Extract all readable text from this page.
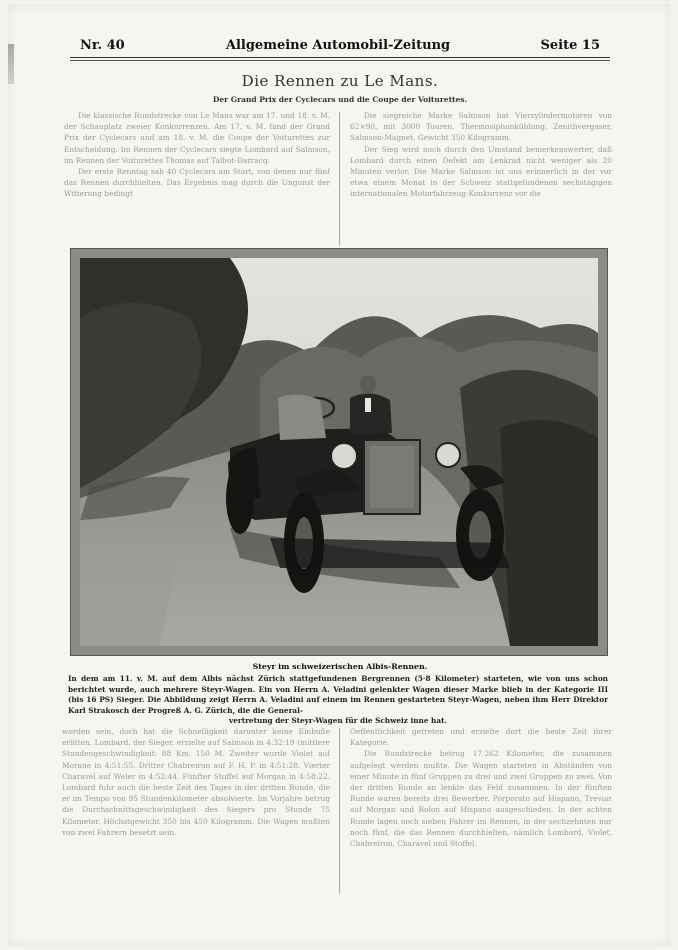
Nr. 40	Allgemeine Automobil-Zeitung	Seite 15
Die Rennen zu Le Mans.
Der Grand Prix der Cyclecars und die Coupe der Voiturettes.

Die klassische Rundstrecke von Le Mans war am 17. und 18. v. M. der Schauplatz zweier Konkurrenzen. Am 17. v. M. fand der Grand Prix der Cyclecars und am 18. v. M. die Coupe der Voiturettes zur Entscheidung. Im Rennen der Cyclecars siegte Lombard auf Salmson, im Rennen der Voiturettes Thomas auf Talbot-Darracq.

Der erste Renntag sah 40 Cyclecars am Start, von denen nur fünf das Rennen durchhielten. Das Ergebnis mag durch die Ungunst der Witterung bedingt

Die siegreiche Marke Salmson hat Vierzylindermotoren von 62×90, mit 3000 Touren, Thermosiphonkühlung, Zenithvergaser, Salmson-Magnet, Gewicht 350 Kilogramm.

Der Sieg wird noch durch den Umstand bemerkenswerter, daß Lombard durch einen Defekt am Lenkrad nicht weniger als 20 Minuten verlor. Die Marke Salmson ist uns erinnerlich in der vor etwa einem Monat in der Schweiz stattgefundenen sechstägigen internationalen Motorfahrzeug-Konkurrenz vor die

Steyr im schweizerischen Albis-Rennen.
In dem am 11. v. M. auf dem Albis nächst Zürich stattgefundenen Bergrennen (5·8 Kilometer) starteten, wie von uns schon berichtet wurde, auch mehrere Steyr-Wagen. Ein von Herrn A. Veladini gelenkter Wagen dieser Marke blieb in der Kategorie III (bis 16 PS) Sieger. Die Abbildung zeigt Herrn A. Veladini auf einem im Rennen gestarteten Steyr-Wagen, neben ihm Herr Direktor Karl Strakosch der Progreß A. G. Zürich, die die General-
vertretung der Steyr-Wagen für die Schweiz inne hat.

worden sein, doch hat die Schnelligkeit darunter keine Einbuße erlitten. Lombard, der Sieger, erzielte auf Salmson in 4:32:19 (mittlere Stundengeschwindigkeit: 88 Km. 150 M. Zweiter wurde Violet auf Morane in 4:51:55. Dritter Chabreiron auf F. H. P. in 4:51:28. Vierter Charavel auf Weler in 4:52:44. Fünfter Stoffel auf Morgan in 4:58:22. Lombard fuhr auch die beste Zeit des Tages in der dritten Runde, die er im Tempo von 95 Stundenkilometer absolvierte. Im Vorjahre betrug die Durchschnittsgeschwindigkeit des Siegers pro Stunde 75 Kilometer. Höchstgewicht 350 bis 450 Kilogramm. Die Wagen mußten von zwei Fahrern besetzt sein.

Oeffentlichkeit getreten und erzielte dort die beste Zeit ihrer Kategorie.

Die Rundstrecke betrug 17.262 Kilometer, die zusammen aufgelegt werden mußte. Die Wagen starteten in Abständen von einer Minute in fünf Gruppen zu drei und zwei Gruppen zu zwei. Von der dritten Runde an lenkte das Feld zusammen. In der fünften Runde waren bereits drei Bewerber, Porporato auf Hispano, Treviar auf Morgan und Rolon auf Hispano ausgeschieden. In der achten Runde lagen noch sieben Fahrer im Rennen, in der sechzehnten nur noch fünf, die das Rennen durchhielten, nämlich Lombard, Violet, Chabreiron, Charavel und Stoffel.
